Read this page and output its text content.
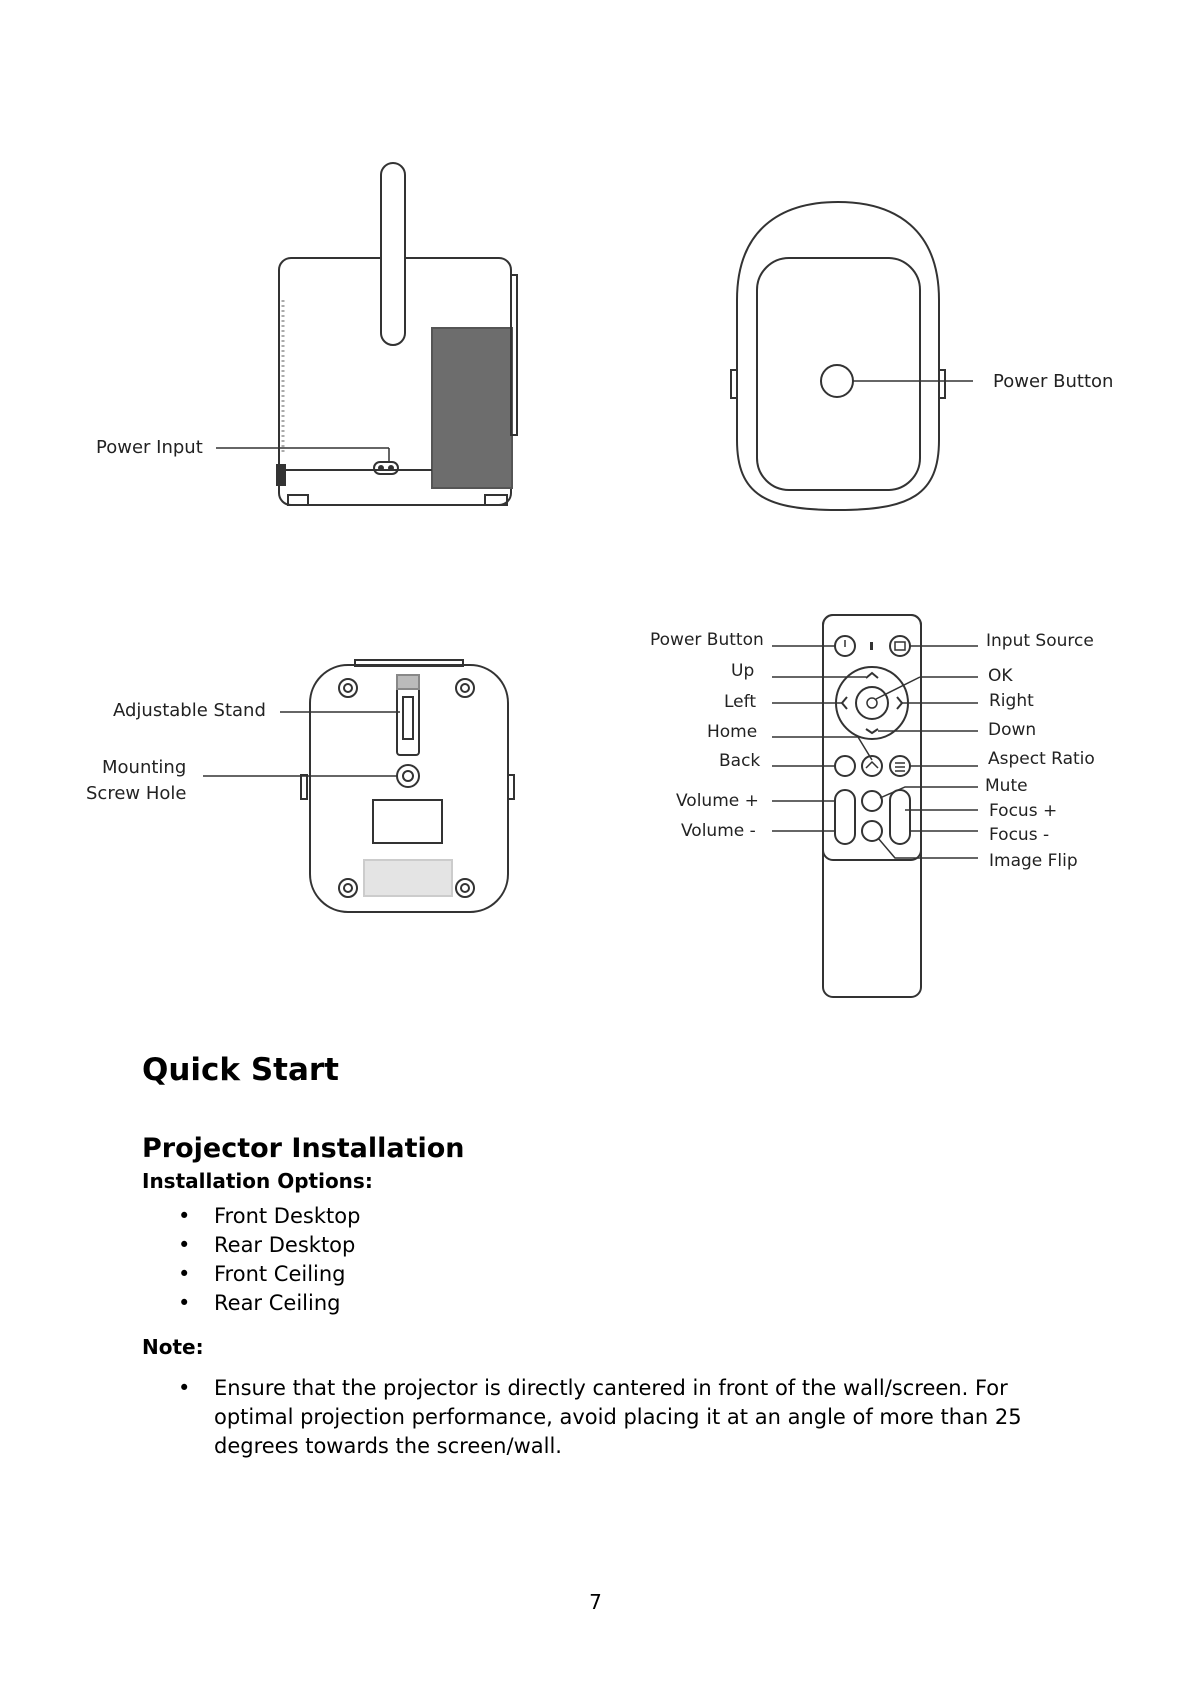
Power Input
Power Button
Adjustable Stand
Mounting
Screw Hole
Power Button
Up
Left
Home
Back
Volume +
Volume -
Input Source
OK
Right
Down
Aspect Ratio
Mute
Focus +
Focus -
Image Flip
Quick Start
Projector Installation

Installation Options:

• Front Desktop
• Rear Desktop
• Front Ceiling
• Rear Ceiling

Note:

• Ensure that the projector is directly cantered in front of the wall/screen. For optimal projection performance, avoid placing it at an angle of more than 25 degrees towards the screen/wall.
7
